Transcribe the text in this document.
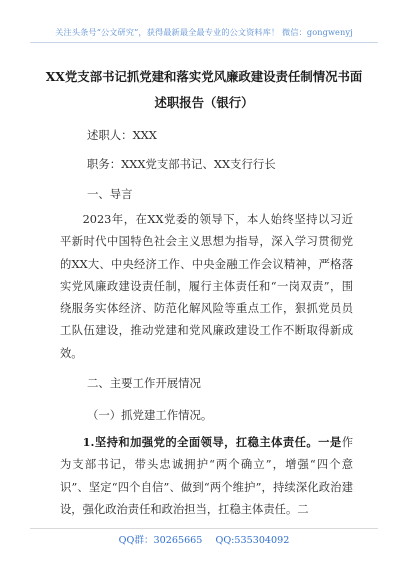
关注头条号“公文研究”，获得最新最全最专业的公文资料库！ 微信：gongwenyj
XX党支部书记抓党建和落实党风廉政建设责任制情况书面
述职报告（银行）
述职人：XXX
职务：XXX党支部书记、XX支行行长
一、导言

2023年，在XX党委的领导下，本人始终坚持以习近平新时代中国特色社会主义思想为指导，深入学习贯彻党的XX大、中央经济工作、中央金融工作会议精神，严格落实党风廉政建设责任制，履行主体责任和“一岗双责”，围绕服务实体经济、防范化解风险等重点工作，狠抓党员员工队伍建设，推动党建和党风廉政建设工作不断取得新成效。

二、主要工作开展情况
（一）抓党建工作情况。

1.坚持和加强党的全面领导，扛稳主体责任。一是作为支部书记，带头忠诚拥护“两个确立”，增强“四个意识”、坚定“四个自信”、做到“两个维护”，持续深化政治建设，强化政治责任和政治担当，扛稳主体责任。二

QQ群：30265665 QQ:535304092
